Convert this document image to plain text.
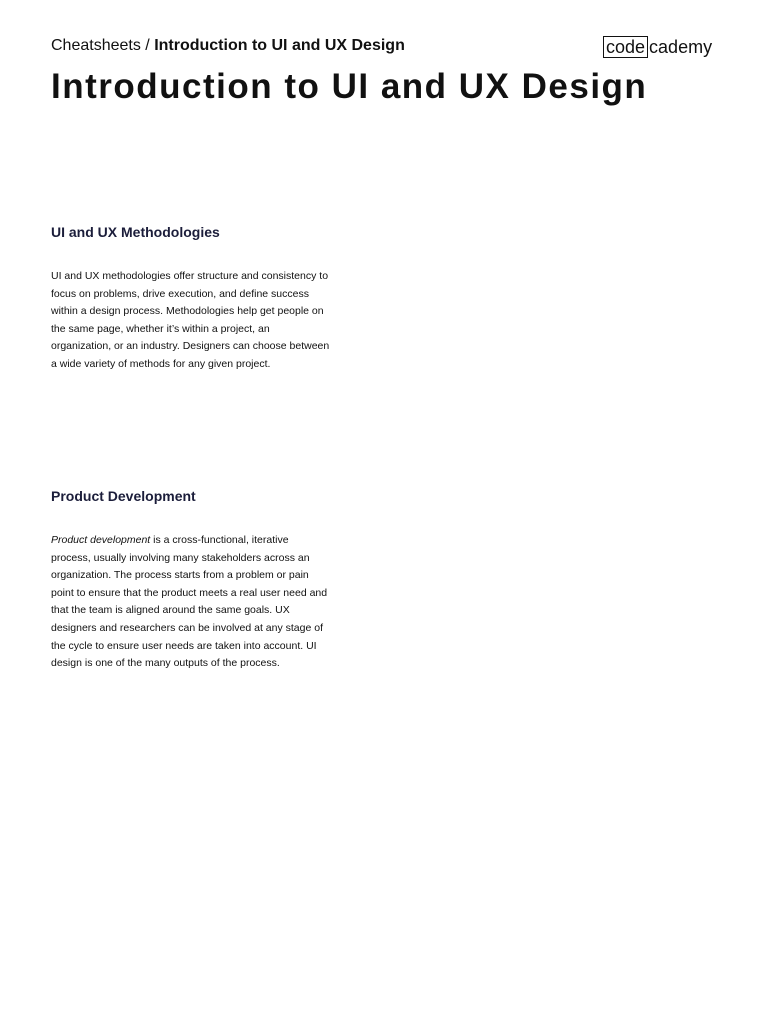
Cheatsheets / Introduction to UI and UX Design	code cademy
Introduction to UI and UX Design
UI and UX Methodologies

UI and UX methodologies offer structure and consistency to focus on problems, drive execution, and define success within a design process. Methodologies help get people on the same page, whether it’s within a project, an organization, or an industry. Designers can choose between a wide variety of methods for any given project.

Product Development

Product development is a cross-functional, iterative process, usually involving many stakeholders across an organization. The process starts from a problem or pain point to ensure that the product meets a real user need and that the team is aligned around the same goals. UX designers and researchers can be involved at any stage of the cycle to ensure user needs are taken into account. UI design is one of the many outputs of the process.
